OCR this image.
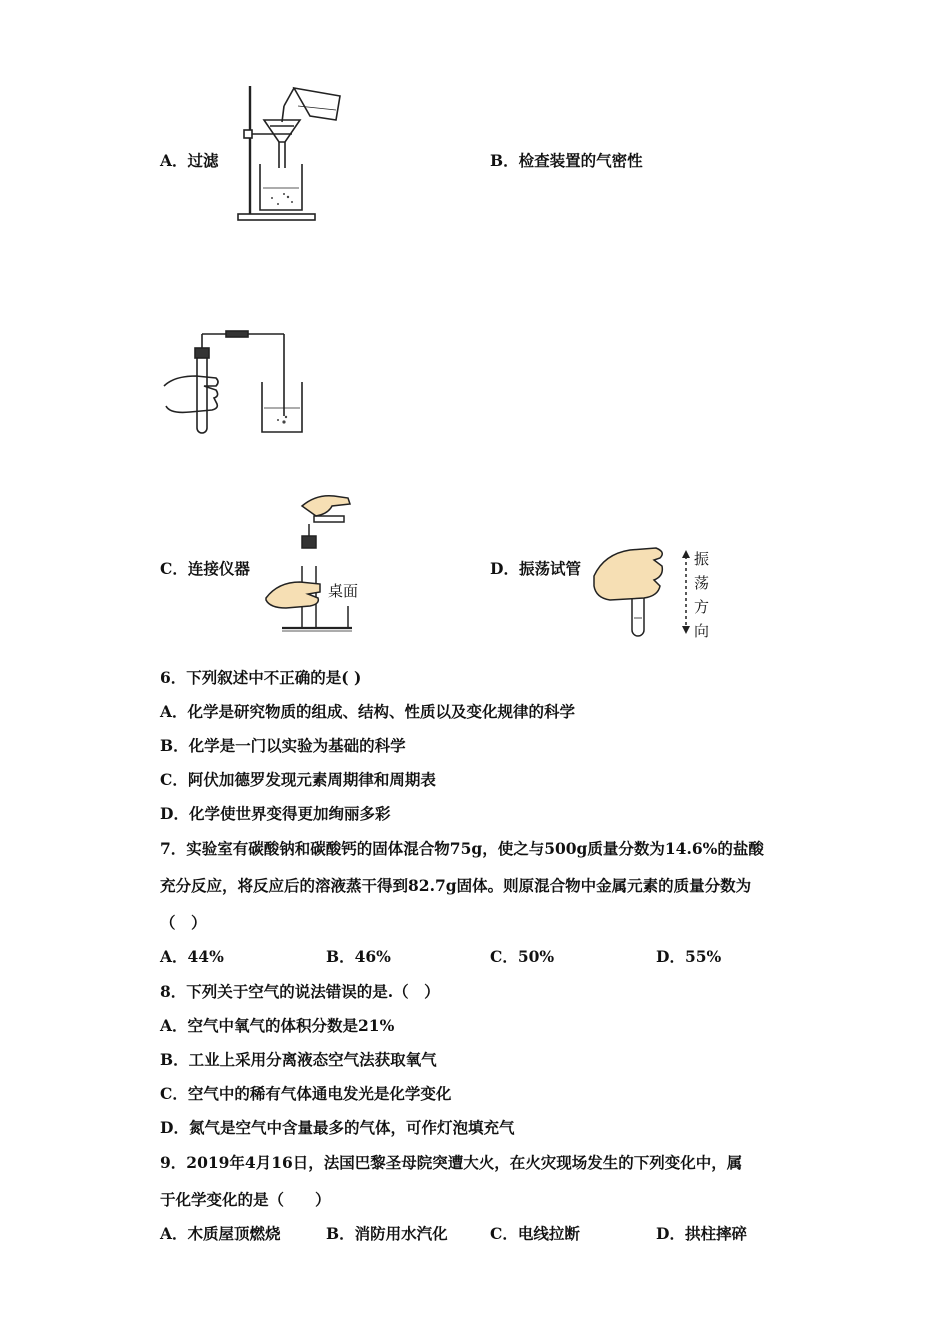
A．过滤	B．检查装置的气密性
桌面
C．连接仪器	D．振荡试管	振
荡
方
向
6．下列叙述中不正确的是( )
A．化学是研究物质的组成、结构、性质以及变化规律的科学
B．化学是一门以实验为基础的科学
C．阿伏加德罗发现元素周期律和周期表
D．化学使世界变得更加绚丽多彩
7．实验室有碳酸钠和碳酸钙的固体混合物75g，使之与500g质量分数为14.6%的盐酸
充分反应，将反应后的溶液蒸干得到82.7g固体。则原混合物中金属元素的质量分数为
（　）
A．44%	B．46%	C．50%	D．55%
8．下列关于空气的说法错误的是.（　）
A．空气中氧气的体积分数是21%
B．工业上采用分离液态空气法获取氧气
C．空气中的稀有气体通电发光是化学变化
D．氮气是空气中含量最多的气体，可作灯泡填充气
9．2019年4月16日，法国巴黎圣母院突遭大火，在火灾现场发生的下列变化中，属
于化学变化的是（　　）
A．木质屋顶燃烧	B．消防用水汽化	C．电线拉断	D．拱柱摔碎
